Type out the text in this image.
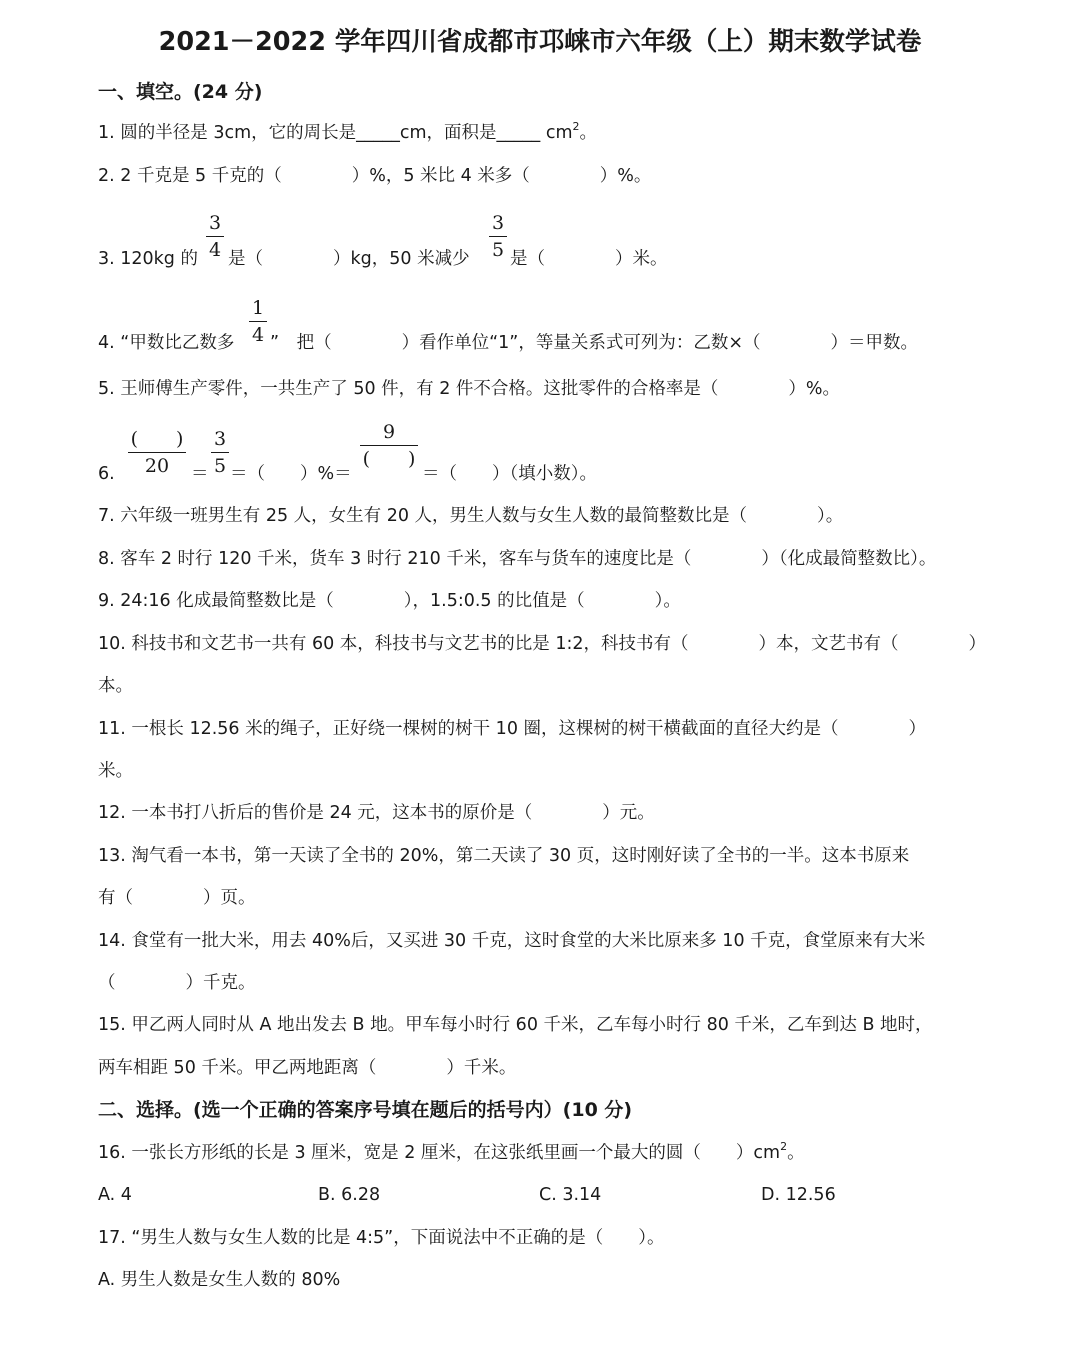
2021－2022 学年四川省成都市邛崃市六年级（上）期末数学试卷
一、填空。(24 分)
1. 圆的半径是 3cm，它的周长是_____cm，面积是_____ $cm^2$。
2. 2 千克是 5 千克的（　　　　）%，5 米比 4 米多（　　　　）%。
3. 120kg 的
3
4 是（　　　　）kg，50 米减少
3
5 是（　　　　）米。
4. “甲数比乙数多
1
4 ”　把（　　　　）看作单位“1”，等量关系式可列为：乙数×（　　　　）＝甲数。
5. 王师傅生产零件，一共生产了 50 件，有 2 件不合格。这批零件的合格率是（　　　　）%。
6.
(　　)
20	＝
3
5 ＝（　　）%＝
9
(　　)
＝（　　）（填小数）。
7. 六年级一班男生有 25 人，女生有 20 人，男生人数与女生人数的最简整数比是（　　　　）。
8. 客车 2 时行 120 千米，货车 3 时行 210 千米，客车与货车的速度比是（　　　　）（化成最简整数比）。
9. 24:16 化成最简整数比是（　　　　），1.5:0.5 的比值是（　　　　）。
10. 科技书和文艺书一共有 60 本，科技书与文艺书的比是 1:2，科技书有（　　　　）本，文艺书有（　　　　）
本。
11. 一根长 12.56 米的绳子，正好绕一棵树的树干 10 圈，这棵树的树干横截面的直径大约是（　　　　）
米。
12. 一本书打八折后的售价是 24 元，这本书的原价是（　　　　）元。
13. 淘气看一本书，第一天读了全书的 20%，第二天读了 30 页，这时刚好读了全书的一半。这本书原来
有（　　　　）页。
14. 食堂有一批大米，用去 40%后，又买进 30 千克，这时食堂的大米比原来多 10 千克，食堂原来有大米
（　　　　）千克。
15. 甲乙两人同时从 A 地出发去 B 地。甲车每小时行 60 千米，乙车每小时行 80 千米，乙车到达 B 地时，
两车相距 50 千米。甲乙两地距离（　　　　）千米。
二、选择。(选一个正确的答案序号填在题后的括号内）(10 分)
16. 一张长方形纸的长是 3 厘米，宽是 2 厘米，在这张纸里画一个最大的圆（　　）$cm^2$。
A. 4	B. 6.28	C. 3.14	D. 12.56
17. “男生人数与女生人数的比是 4:5”，下面说法中不正确的是（　　）。
A. 男生人数是女生人数的 80%
